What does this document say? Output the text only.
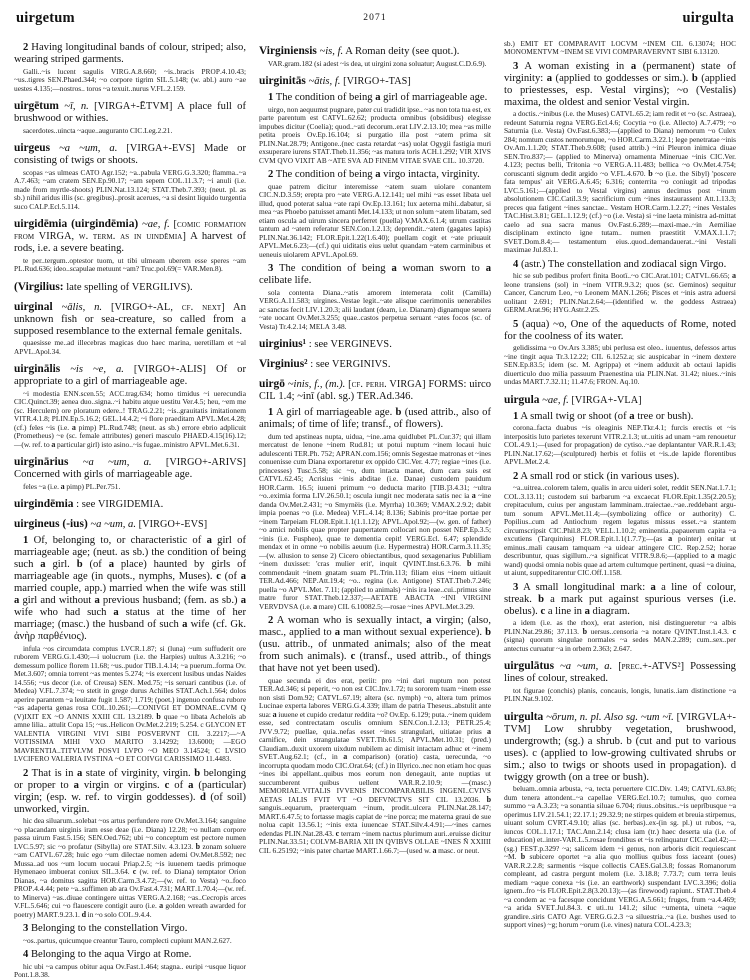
uirgetum	2071	uirgulta
2 Having longitudinal bands of colour, striped; also, wearing striped garments.
Galli..~is lucent sagulis VIRG.A.8.660; ~is..bracis PROP.4.10.43; ~us..tigres SEN.Phaed.344; ~o corpore tigrim SIL.5.148; (w. abl.) auro ~ae uestes 4.135;—nostros.. toros ~a texuit..nurus V.FL.2.159.
uirgētum ~ī, n. [VIRGA+-ĒTVM] A place full of brushwood or withies.
sacerdotes..uincta ~aque..auguranto CIC.Leg.2.21.
uirgeus ~a ~um, a. [VIRGA+-EVS] Made or consisting of twigs or shoots.
scopas ~as ulmeas CATO Agr.152; ~a..pabula VERG.G.3.320; flamma..~a A.7.463; ~am cratem SEN.Ep.90.17; ~am sepem COL.11.3.7; ~i anuli (i.e. made from myrtle-shoots) PLIN.Nat.13.124; STAT.Theb.7.393; (neut. pl. as sb.) nihil aridus illis (sc. gregibus)..prosit acerues, ~a si desint liquido turgentia suco CALP.Ecl.5.114.
uirgidēmia (uirgindēmia) ~ae, f. [comic formation from VIRGA, w. term. as in uindēmia] A harvest of rods, i.e. a severe beating.
te per..tergum..optestor tuom, ut tibi ulmeam uberem esse speres ~am PL.Rud.636; ideo..scapulae metuunt ~am? Truc.pol.69(= VAR.Men.8).
(Virgilius: late spelling of VERGILIVS).
uirginal ~ālis, n. [VIRGO+-AL, cf. next] An unknown fish or sea-creature, so called from a supposed resemblance to the external female genitals.
quaesisse me..ad illecebras magicas duo haec marina, ueretillam et ~al APVL.Apol.34.
uirginālis ~is ~e, a. [VIRGO+-ALIS] Of or appropriate to a girl of marriageable age.
~i modestia ENN.scen.55; ACC.trag.634; homo timidus ~i uerecundia CIC.Quinct.39; aenea duo..signa..~i habitu atque uestitu Ver.4.5; heu, ~em me (sc. Herculem) ore ploratum edere..! TRAG.2.21; ~is..grauitatis imitationem VITR.4.1.8; PLIN.Ep.5.16.2; GEL.14.4.2; ~i flore praeditam APVL.Met.4.28; (cf.) feles ~is (i.e. a pimp) PL.Rud.748; (neut. as sb.) errore ebrio adplicuit (Prometheus) ~e (sc. female attributes) generi masculo PHAED.4.15(16).12;—(w. ref. to a particular girl) isto asino..~is fugae..ministro APVL.Met.6.31.
uirginārius ~a ~um, a. [VIRGO+-ARIVS] Concerned with girls of marriageable age.
feles ~a (i.e. a pimp) PL.Per.751.
uirgindēmia : see VIRGIDEMIA.
uirgineus (-ius) ~a ~um, a. [VIRGO+-EVS]
1 Of, belonging to, or characteristic of a girl of marriageable age; (neut. as sb.) the condition of being such a girl. b (of a place) haunted by girls of marriageable age (in quots., nymphs, Muses). c (of a married couple, app.) married when the wife was still a girl and without a previous husband; (fem. as sb.) a wife who had such a status at the time of her marriage; (masc.) the husband of such a wife (cf. Gk. ἀνὴρ παρθένιος).
infula ~os circumdata comptus LVCR.1.87; si (luna) ~um suffuderit ore ruborem VERG.G.1.430;—i uolucrum (i.e. the Harpies) uultus A.3.216; ~o demessum pollice florem 11.68; ~us..pudor TIB.1.4.14; ~a puerum..forma Ov. Met.3.607; omnia torrent ~as mentes 5.274; ~is exercent lusibus undas Naides 14.556; ~us decor (i.e. of Creusa) SEN. Med.75; ~is seruari cantibus (i.e. of Medea) V.FL.7.374; ~o stetit in grege durus Achilles STAT.Ach.1.564; dolos aperire parantem ~a leuitate fugit 1.587; 1.719; (poet.) ingenuo confusa rubore ~as adaperta genas rosa COL.10.261;—CONIVGI ET DOMNAE..CVM Q (V)IXIT EX ~O ANNIS XXIII CIL 13.2189. b quae ~o libata Acheloïs ab amne lilia.. attulit Copa 15; ~us..Helicon Ov.Met.2.219; 5.254. c GLYCON ET VALENTIA VIRGINI VIVI SIBI POSVERVNT CIL 3.2217;—~A VOTISSIMA MIHI VXO MARITO 3.14292; 13.6000; —EGO MAVRENTIA..TITVLVM POSVI LVPO ~O MEO 3.14524; C LVSIO LVCIFERO VALERIA IVSTINA ~O ET COIVGI CARISSIMO 11.4483.
2 That is in a state of virginity, virgin. b belonging or proper to a virgin or virgins. c of a (particular) virgin; (esp. w. ref. to virgin goddesses). d (of soil) unworked, virgin.
hic dea siluarum..solebat ~os artus perfundere rore Ov.Met.3.164; sanguine ~o placandam uirginis iram esse deae (i.e. Diana) 12.28; ~o nullam corpore passa uirum Fast.5.156; SEN.Oed.762; ubi ~o conceptum est pectore numen LVC.5.97; sic ~o profatur (Sibylla) ore STAT.Silv. 4.3.123. b zonam soluere ~am CATVL.67.28; huic ego ~um dilectae nomen ademi Ov.Met.8.592; nec Mussa..ad uos ~um locum uocaui Priap.2.5; ~is iuuenem taedis primoque Hymenaeo imbuerat coniux SIL.3.64. c (w. ref. to Diana) temptator Orion Dianas, ~a domitus sagitta HOR.Carm.3.4.72;—(w. ref. to Vesta) ~o..foco PROP.4.4.44; pete ~a..suffimen ab ara Ov.Fast.4.731; MART.1.70.4;—(w. ref. to Minerva) ~as..diuae contingere uittas VERG.A.2.168; ~as..Cecropis arces V.FL.5.646; cui ~o flauescere contigit auro (i.e. a golden wreath awarded for poetry) MART.9.23.1. d in ~o solo COL.9.4.4.
3 Belonging to the constellation Virgo.
~os..partus, quicumque creantur Tauro, complecti cupiunt MAN.2.627.
4 Belonging to the aqua Virgo at Rome.
hic ubi ~a campus obitur aqua Ov.Fast.1.464; stagna.. euripi ~usque liquor Pont.1.8.38.
Virginiensis ~is, f. A Roman deity (see quot.).
VAR.gram.182 (si adest ~is dea, ut uirgini zona soluatur; August.C.D.6.9).
uirginitās ~ātis, f. [VIRGO+-TAS]
1 The condition of being a girl of marriageable age.
uirgo, non aequumst pugnare, pater cui tradidit ipse.. ~as non tota tua est, ex parte parentum est CATVL.62.62; producta omnibus (obsidibus) elegisse impubes dicitur (Coelia); quod..~ati decorum..erat LIV.2.13.10; mea ~as mille petita proeis Ov.Ep.16.104; si purgatio illa post ~atem prima sit PLIN.Nat.28.79; Antigone..(nec casta retardat ~as) uolat Ogygii fastigia muri exsuperare iurens STAT.Theb.11.356; ~as matura toris ACH.1.292; VIR XIVS CVM QVO VIXIT AB ~ATE SVA AD FINEM VITAE SVAE CIL. 10.3720.
2 The condition of being a virgo intacta, virginity.
quae patrem dicitur interemisse ~atem suam uiolare conantem CIC.N.D.3.59; erepta pro ~ate VERG.A.12.141; uel mihi ~as esset libata uel illud, quod poterat salua ~ate rapi Ov.Ep.13.161; lux aeterna mihi..dabatur, si mea ~as Phoebo patuisset amanti Met.14.133; ut non solum ~atem libatam, sed etiam oscula ad uirum sincera perferret (puella) V.MAX.6.1.4; utrum castitas tantum ad ~atem referatur SEN.Con.1.2.13; deprendit..~atem (gagates lapis) PLIN.Nat.36.142; FLOR.Epit.1.22(1.6.40); puellam cogit et ~ate priuauit APVL.Met.6.23;—(cf.) qui uiditatis eius uelut quandam ~atem carminibus et ueneuis uiolarem APVL.Apol.69.
3 The condition of being a woman sworn to a celibate life.
sola contenta Diana..~atis amorem intemerata colit (Camilla) VERG.A.11.583; uirgines..Vestae legit..~ate alisque caerimoniis uenerabiles ac sanctas fecit LIV.1.20.3; alii laudant (deam, i.e. Dianam) dignamque seuera ~ate uocant Ov.Met.3.255; quae..castos perpetua seruant ~ates focos (sc. of Vesta) Tr.4.2.14; MELA 3.48.
uirginius¹ : see VERGINEVS.
Virginius² : see VERGINIVS.
uirgō ~inis, f., (m.). [cf. perh. VIRGA] FORMS: uirco CIL 1.4; ~inī (abl. sg.) TER.Ad.346.
1 A girl of marriageable age. b (used attrib., also of animals; of time of life; transf., of flowers).
dum ted apstineas nupta, uidua, ~ine..ama quidlubet PL.Cur.37; qui illam mercatust de lenone ~inem Rud.81; ut potui nuptum ~inem locaui huic adulescenti TER.Ph. 752; APRAN.com.156; omnis Segestae matronas et ~ines conuenisse cum Diana exportaretur ex oppido CIC.Ver. 4.77; regiae ~ines (i.e. princesses) Tusc.5.58; sic ~o, dum intacta manet, dum cara suis est CATVL.62.45; Acrisius ~inis abditae (i.e. Danae) custodem pauidum HOR.Carm. 16.5; iuueni primum ~o deducta marito [TIB.]3.4.31; ~ultra ~o..eximia forma LIV.26.50.1; oscula iungit nec moderata satis nec ia a ~ine danda Ov.Met.2.431; ~o Smyrnëis (i.e. Myrrha) 10.369; V.MAX.2.9.2; dabit impia poenas ~o (i.e. Medea) V.FL.4.14; 8.136; Sabinis pro~itae portae per ~inem Tarpeiam FLOR.Epit.1.1(1.1.12); APVL.Apol.92;—(w. gen. of father) ~o amici nobilis quae propter paupertatem collocari non posset NEP.Ep.3.5; ~inis (i.e. Fuspheo), quae te dementia cepit! VERG.Ecl. 6.47; splendide mendax et in omne ~o nobilis aeuum (i.e. Hypermestra) HOR.Carm.3.11.35;—(w. allusion to sense 2) Cicero obiectantibus, quod sexagenarius Publiliam ~inem duxisset: 'cras mulier erit', inquit QVINT.Inst.6.3.76. b mihi commendauit ~inem gnatam suam PL.Trin.113; filiam eius ~inem uitiauit TER.Ad.466; NEP.Att.19.4; ~o.. regina (i.e. Antigone) STAT.Theb.7.246; puella ~o APVL.Met. 7.11; (applied to animals) ~inis ira leae..cui..primus sine matre furor STAT.Theb.12.337;—AETATE ABACTA ~INI VIRGINI VERVDVSA (i.e. a mare) CIL 6.10082.5;—rosae ~ines APVL.Met.3.29.
2 A woman who is sexually intact, a virgin; (also, masc., applied to a man without sexual experience). b (usu. attrib., of unmated animals; also of the meat from such animals). c (transf., used attrib., of things that have not yet been used).
quae secunda ei dos erat, periit: pro ~ini dari nuptum non potest TER.Ad.346; si peperit, ~o non est CIC.Inv.1.72; tu sororem tuam ~inem esse non sisti Dom.92; CATVL.67.19; altera (sc. nymph) ~o, altera tum primos Lucinae experta labores VERG.G.4.339; illam de patria Theseus..abstulit ante sua: a iuuene et cupido credatur reddita ~o? Ov.Ep. 6.129; puta..~inem quidem esse, sed contrectatam osculis omnium SEN.Con.1.2.13; PETR.25.4; JVV.9.72; puellae, quia..nefas esset ~ines strangulari, uitiatae prius a carnifice, dein strangulatae SVET.Tib.61.5; APVL.Met.10.31; (pred.) Claudiam..duxit uxorem uixdum nubilem ac dimisit intactam adhuc et ~inem SVET.Aug.62.1; (cf., in a comparison) (oratio) casta, uerecunda, ~o incorrupta quodam modo CIC.Orat.64; (cf.) in Illyrico..nec non etiam hoc quas ~ines ibi appellant..quibus mos eorum non denegauit, ante nuptias ut succumberent quibus uellent VAR.R.2.10.9; —(masc.) MEMORIAE..VITALIS IVVENIS INCOMPARABILIS INGENI..CVIVS AETAS IALIS FVIT VT ~O DEFVNCTVS SIT CIL 13.2036. b sanguis..equarum, praeterquam ~inum, prodit..ulcera PLIN.Nat.28.147; MART.6.47.5; to fortasse magis capiat de ~ine porca; me materna graui de sue nolua capit 13.56.1; ~inis exta iuuencae STAT.Silv.4.4.91;—~ines carnes edendas PLIN.Nat.28.43. c terram ~inem nactus plurimum auri..eruisse dicitur PLIN.Nat.33.51; COLVM-BARIA XII IN QVIBVS OLLAE ~INES Ñ XXIIII CIL 6.25192; ~inis pater chartae MART.1.66.7;—(used w. a masc. or neut.
sb.) EMIT ET COMPARAVIT LOCVM ~INEM CIL 6.13074; HOC MONOMENTVM ~INEM SE VIVI COMPARAVERVNT SIBI 6.13120.
3 A woman existing in a (permanent) state of virginity: a (applied to goddesses or sim.). b (applied to priestesses, esp. Vestal virgins); ~o (Vestalis) maxima, the oldest and senior Vestal virgin.
a doctis..~inibus (i.e. the Muses) CATVL.65.2; iam redit et ~o (sc. Astraea), redeunt Saturnia regna VERG.Ecl.4.6; Cocytia ~o (i.e. Allecto) A.7.479; ~o Saturnia (i.e. Vesta) Ov.Fast.6.383;—(applied to Diana) nemorum ~o Culex 284; nomtum custos nemorumque, ~o HOR.Carm.3.22.1; lege penetratae ~inis Ov.Am.1.1.20; STAT.Theb.9.608; (used attrib.) ~ini Pleuron inimica diuae SEN.Tro.837;— (applied to Minerva) ornamenta Mineruae ~inis CIC.Ver. 4.123; pectus belli, Tritonia ~o VERG.A.11.483; bellica ~o Ov.Met.4.754; coruscanti signum dedit argido ~o V.FL.4.670. b ~o (i.e. the Sibyl) 'poscere fata tempus' ait VERG.A.6.45; 6.316; conterrita ~o coniugit ad tripodas LVC.5.161;—(applied to Vestal virgins) annus decimus post ~inum absolutionem CIC.Catil.3.9; sacrificium cum ~ines instaurassent Att.1.13.3; preces qua fatigent ~ines sanctae.. Vestam HOR.Carm.1.2.27; ~ines Vestales TAC.Hist.3.81; GEL.1.12.9; (cf.) ~o (i.e. Vesta) si ~ine laeta ministra ad-mittat caelo ad sua sacra manus Ov.Fast.6.289;—maxi-mae..~in Aemiliae disciplinam extincto igne tutam.. numen praestitit V.MAX.1.1.7; SVET.Dom.8.4;— testamentum eius..quod..demandauerat..~ini Vestali maximae Jul.83.1.
4 (astr.) The constellation and zodiacal sign Virgo.
hic se sub pedibus profert finita Bootï..~o CIC.Arat.101; CATVL.66.65; a leone transiens (sol) in ~inem VITR.9.3.2; quos (sc. Geminos) sequitur Cancer, Cancrum Leo, ~o Leonem MAN.1.266; Pisces et ~inis astra aduersi uolitant 2.691; PLIN.Nat.2.64;—(identified w. the goddess Astraea) GERM.Arat.96; HYG.Astr.2.25.
5 (aqua) ~o, One of the aqueducts of Rome, noted for the coolness of its water.
gelidissima ~o Ov.Ars 3.385; ubi perlusa est oleo.. iuuentus, defessos artus ~ine tingit aqua Tr.3.12.22; CIL 6.1252.a; sic auspicabar in ~inem dextere SEN.Ep.83.5; idem (sc. M. Agrippa) et ~inem adduxit ab octaui lapidis diuerticulo duo milia passuum Praenestina uia PLIN.Nat. 31.42; niues..~inis undas MART.7.32.11; 11.47.6; FRON. Aq.10.
uirgula ~ae, f. [VIRGA+-VLA]
1 A small twig or shoot (of a tree or bush).
corona..facta duabus ~is oleaginis NEP.Tkr.4.1; furcis erectis et ~is interpositis luto parietes texerunt VITR.2.1.3; ut..uitis ad unam ~am renouetur COL.4.9.1;—(used for propagation) de cytiso..~ae deplantantur VAR.R.1.43; PLIN.Nat.17.62;—(sculptured) herbis et foliis et ~is..de lapide florentibus APVL.Met.2.4.
2 A small rod or stick (in various uses).
~a..uitrea..colorem talem, qualis in arcu uideri solet, reddit SEN.Nat.1.7.1; COL.3.13.11; custodem sui barbarum ~a excaecat FLOR.Epit.1.35(2.20.5); crepitaculum, cuius per angustam lamminam..traiectae..~ae..reddebant argu-tum sonum APVL.Met.11.4;—(symbolizing office or authority) C. Popilius..cum ad Antiochum regem legatus missus esset..~a stantem circumscripsit CIC.Phil.8.23; VELL.1.10.2; eminentia..papauerum capita ~a excutiens (Tarquinius) FLOR.Epit.1.1(1.7.7);—(as a pointer) enitar ut eminus..mali causam tamquam ~a uidear attingere CIC. Rep.2.52; horae describuntur, quas sigillum..~a significat VITR.9.8.6;—(applied to a magic wand) quodsi omnia nobis quae ad artem cultumque pertinent, quasi ~a diuina, ut aiunt, suppeditarentur CIC.Off.1.158.
3 A small longitudinal mark: a a line of colour, streak. b a mark put against spurious verses (i.e. obelus). c a line in a diagram.
a idem (i.e. as the rhox), erat asterion, nisi distingueretur ~a albis PLIN.Nat.29.86; 37.113. b uersus..censoria ~a notare QVINT.Inst.1.4.3. c (signa) quorum singulae normales ~a sedes MAN.2.289; cum..sex..per antectus curuatur ~a in orbem 2.363; 2.647.
uirgulātus ~a ~um, a. [prec.+-ATVS²] Possessing lines of colour, streaked.
tot figurae (conchis) planis, concauis, longis, lunatis..iam distinctione ~a PLIN.Nat.9.102.
uirgulta ~ōrum, n. pl. Also sg. ~um ~ī. [VIRGVLA+-TVM] Low shrubby vegetation, brushwood, undergrowth; (sg.) a shrub. b (cut and put to various uses). c (applied to low-growing cultivated shrubs or sim.; also to twigs or shoots used in propagation). d twiggy growth (on a tree or bush).
beluam..omnia arbusta, ~a, tecta peruertere CIC.Div. 1.49; CATVL.63.86; dum tenera attondent..~a capellae VERG.Ecl.10.7; tumulus, quo cornea summo ~a A.3.23; ~a sonantia siluae 6.704; riuus..obsitus..~is ueprībusque ~a operimus LIV.21.54.1; 22.17.1; 29.32.9; ne stirpes quidem et breuia stirpemus, uiuant solum CVRT.4.9.10; alias (sc. herbas)..ex-(in sg. pl.) ut rubos, ~a, iuncos COL.1.17.1; TAC.Ann.2.14; clusa iam (tr.) haec deserta uia (i.e. of education) et..inter-VAR.L.5.rosae frondibus et ~is relinquatur CIC.Cael.42;—(sg.) FEST.p.329? ~a; salicem idem ~i genus, non arboris dicit requiescant ~M. b subicere oportet ~a alia quo mollius quibus foss iaceant (oues) VAR.R.2.2.8; sarmentis ~isque collectis CAES.Gal.3.8; fossas Romanorum compleant, ad castra pergunt molem (i.e. 3.18.8; 7.73.7; cum terra leuis mediam ~aque conexa ~is (i.e. an earthwork) suspendant LVC.3.396; dolia ignem..fro ~is FLOR.Epit.2.8(3.20.13);—(as firewood) rapiunt.. STAT.Theb.4 ~a condem ac ~a facesque concidunt VERG.A.5.661; fruges, frum ~a.4.469; ~a arida SVET.Jul.84.3. c uti..tu 141.2; siluc ~umenta, uineta ~aque grandire..siris CATO Agr. VERG.G.2.3 ~a siluestria..~a (i.e. bushes used to support vines) ~g; horum ~orum (i.e. vines) natura COL.4.23.3;
